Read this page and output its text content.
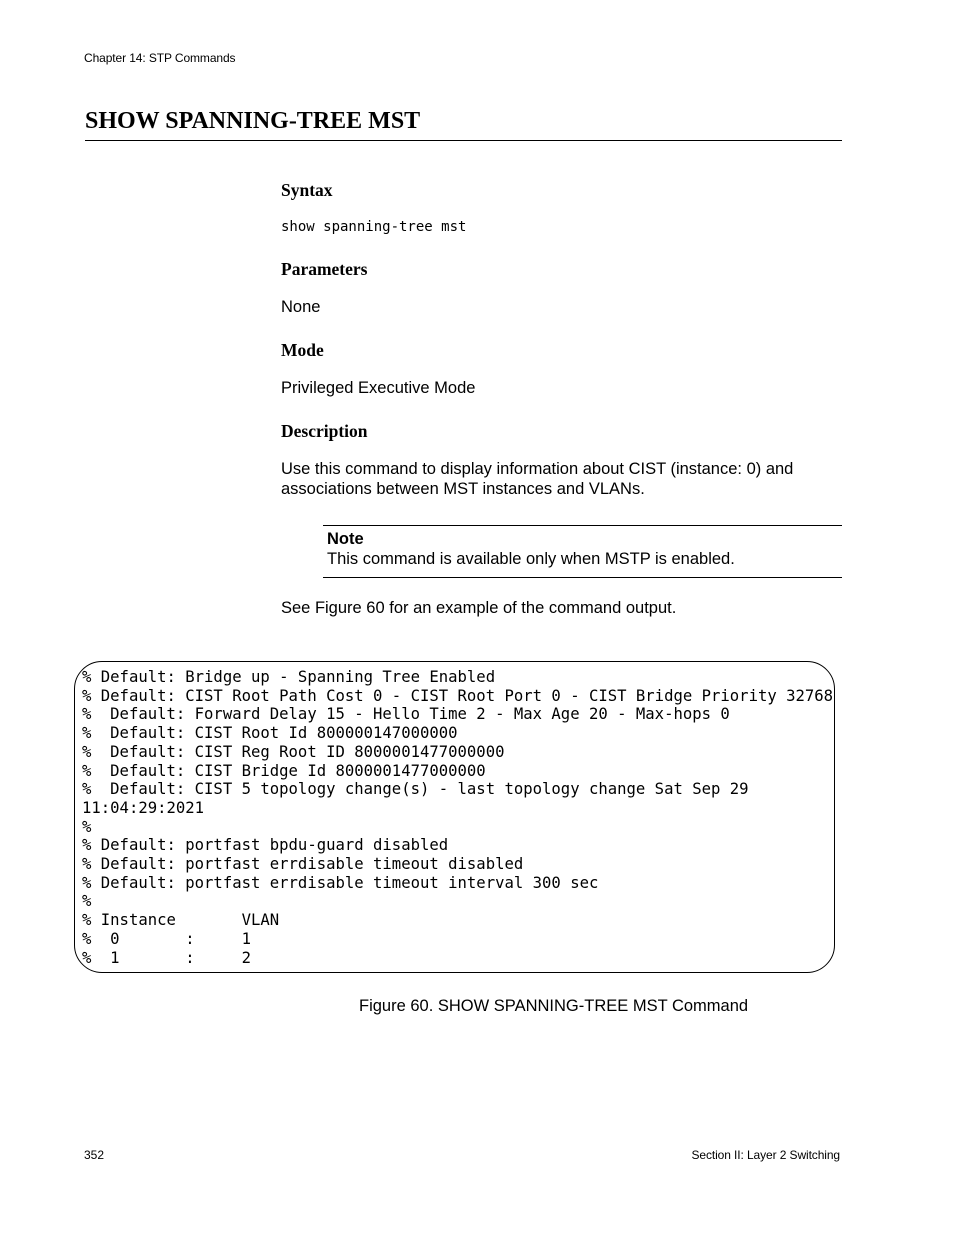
Chapter 14: STP Commands
SHOW SPANNING-TREE MST
Syntax
show spanning-tree mst
Parameters
None
Mode
Privileged Executive Mode
Description
Use this command to display information about CIST (instance: 0) and
associations between MST instances and VLANs.
Note
This command is available only when MSTP is enabled.
See Figure 60 for an example of the command output.
% Default: Bridge up - Spanning Tree Enabled
% Default: CIST Root Path Cost 0 - CIST Root Port 0 - CIST Bridge Priority 32768
%  Default: Forward Delay 15 - Hello Time 2 - Max Age 20 - Max-hops 0
%  Default: CIST Root Id 800000147000000
%  Default: CIST Reg Root ID 8000001477000000
%  Default: CIST Bridge Id 8000001477000000
%  Default: CIST 5 topology change(s) - last topology change Sat Sep 29
11:04:29:2021
%
% Default: portfast bpdu-guard disabled
% Default: portfast errdisable timeout disabled
% Default: portfast errdisable timeout interval 300 sec
%
% Instance       VLAN
%  0       :     1
%  1       :     2
Figure 60. SHOW SPANNING-TREE MST Command
352	Section II: Layer 2 Switching
